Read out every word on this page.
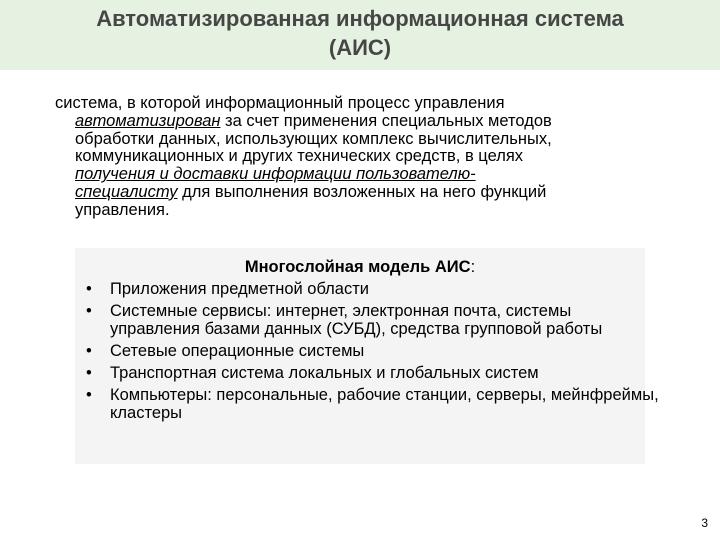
Автоматизированная информационная система
(АИС)
система, в которой информационный процесс управления
автоматизирован за счет применения специальных методов
обработки данных, использующих комплекс вычислительных,
коммуникационных и других технических средств, в целях
получения и доставки информации пользователю-
специалисту для выполнения возложенных на него функций
управления.
Многослойная модель АИС:
• Приложения предметной области
• Системные сервисы: интернет, электронная почта, системы управления базами данных (СУБД), средства групповой работы
• Сетевые операционные системы
• Транспортная система локальных и глобальных систем
• Компьютеры: персональные, рабочие станции, серверы, мейнфреймы, кластеры
3
